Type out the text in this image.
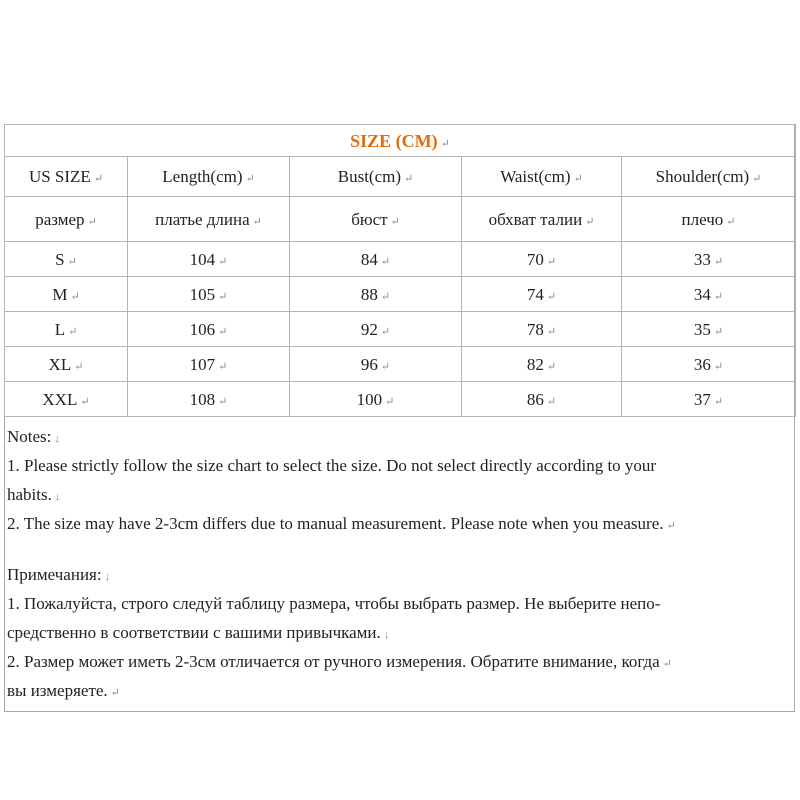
SIZE (CM) ↵				
US SIZE ↵	Length(cm) ↵	Bust(cm) ↵	Waist(cm) ↵	Shoulder(cm) ↵
размер ↵	платье длина ↵	бюст ↵	обхват талии ↵	плечо ↵
S ↵	104 ↵	84 ↵	70 ↵	33 ↵
M ↵	105 ↵	88 ↵	74 ↵	34 ↵
L ↵	106 ↵	92 ↵	78 ↵	35 ↵
XL ↵	107 ↵	96 ↵	82 ↵	36 ↵
XXL ↵	108 ↵	100 ↵	86 ↵	37 ↵
Notes: ↓
1. Please strictly follow the size chart to select the size. Do not select directly according to your
habits. ↓
2. The size may have 2-3cm differs due to manual measurement. Please note when you measure. ↵
Примечания: ↓
1. Пожалуйста, строго следуй таблицу размера, чтобы выбрать размер. Не выберите непо-
средственно в соответствии с вашими привычками. ↓
2. Размер может иметь 2-3см отличается от ручного измерения. Обратите внимание, когда ↵
вы измеряете. ↵
